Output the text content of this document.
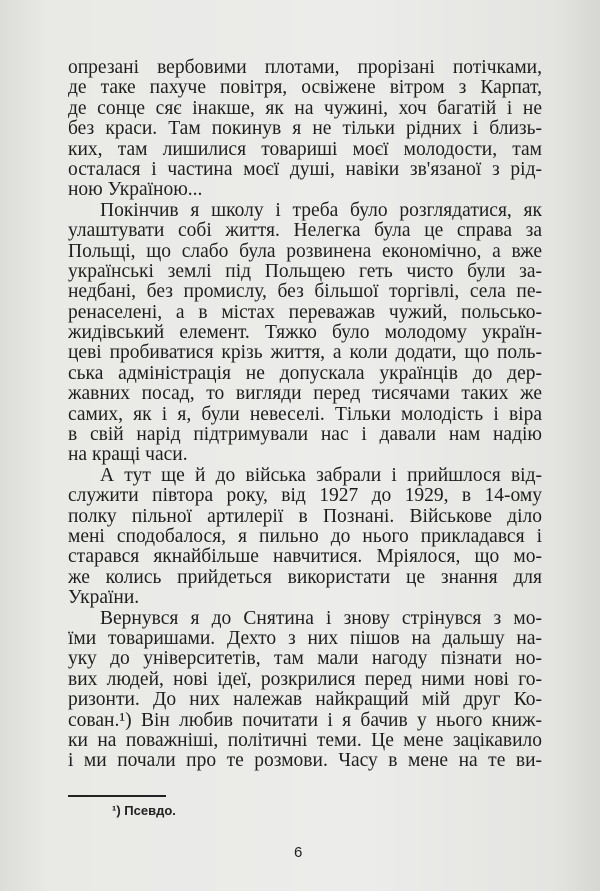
опрезані вербовими плотами, прорізані потічками,
де таке пахуче повітря, освіжене вітром з Карпат,
де сонце сяє інакше, як на чужині, хоч багатій і не
без краси. Там покинув я не тільки рідних і близь-
ких, там лишилися товариші моєї молодости, там
осталася і частина моєї душі, навіки зв'язаної з рід-
ною Україною...
Покінчив я школу і треба було розглядатися, як
улаштувати собі життя. Нелегка була це справа за
Польщі, що слабо була розвинена економічно, а вже
українські землі під Польщею геть чисто були за-
недбані, без промислу, без більшої торгівлі, села пе-
ренаселені, а в містах переважав чужий, польсько-
жидівський елемент. Тяжко було молодому україн-
цеві пробиватися крізь життя, а коли додати, що поль-
ська адміністрація не допускала українців до дер-
жавних посад, то вигляди перед тисячами таких же
самих, як і я, були невеселі. Тільки молодість і віра
в свій нарід підтримували нас і давали нам надію
на кращі часи.
А тут ще й до війська забрали і прийшлося від-
служити півтора року, від 1927 до 1929, в 14-ому
полку пільної артилерії в Познані. Військове діло
мені сподобалося, я пильно до нього прикладався і
старався якнайбільше навчитися. Мріялося, що мо-
же колись прийдеться використати це знання для
України.
Вернувся я до Снятина і знову стрінувся з мо-
їми товаришами. Дехто з них пішов на дальшу на-
уку до університетів, там мали нагоду пізнати но-
вих людей, нові ідеї, розкрилися перед ними нові го-
ризонти. До них належав найкращий мій друг Ко-
сован.¹) Він любив почитати і я бачив у нього книж-
ки на поважніші, політичні теми. Це мене зацікавило
і ми почали про те розмови. Часу в мене на те ви-
¹) Псевдо.
6
